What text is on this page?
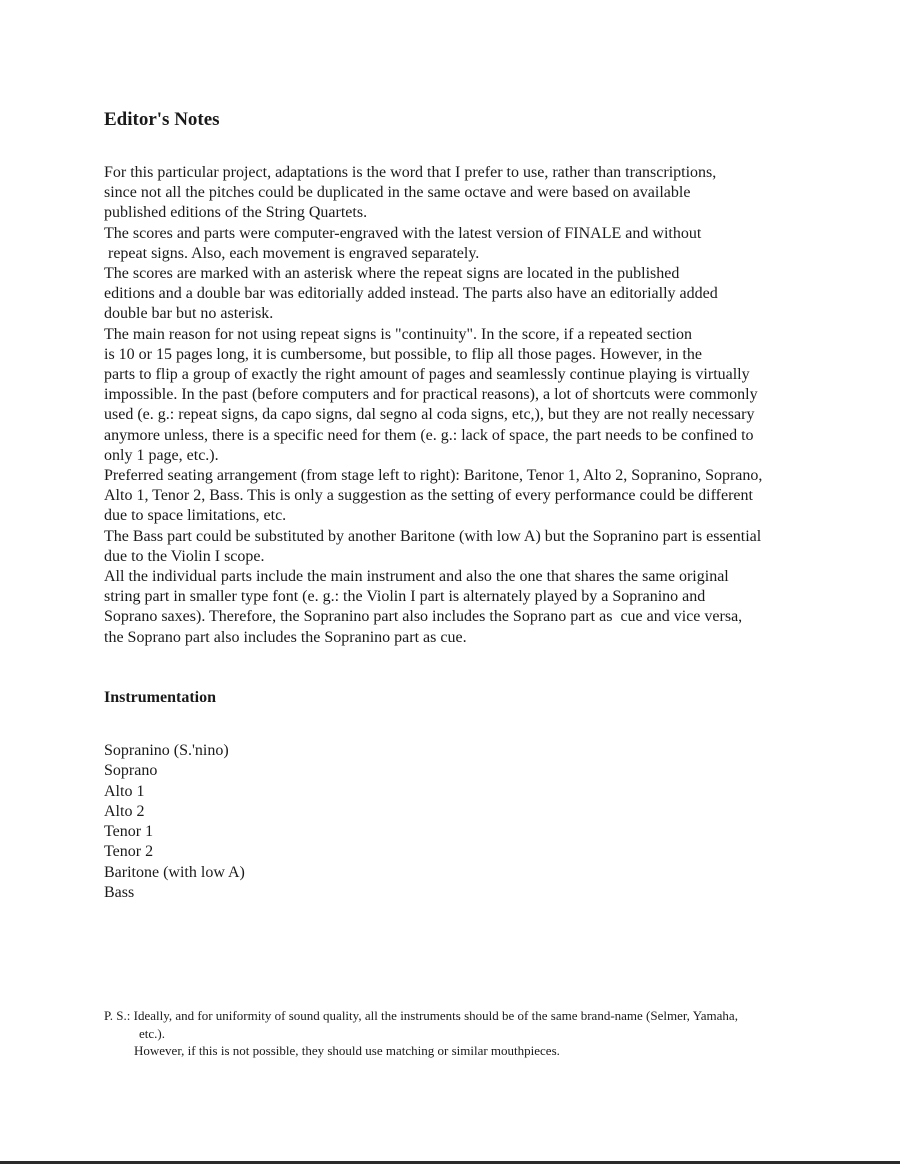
Editor's Notes
For this particular project, adaptations is the word that I prefer to use, rather than transcriptions,
since not all the pitches could be duplicated in the same octave and were based on available
published editions of the String Quartets.
The scores and parts were computer-engraved with the latest version of FINALE and without
repeat signs. Also, each movement is engraved separately.
The scores are marked with an asterisk where the repeat signs are located in the published
editions and a double bar was editorially added instead. The parts also have an editorially added
double bar but no asterisk.
The main reason for not using repeat signs is "continuity". In the score, if a repeated section
is 10 or 15 pages long, it is cumbersome, but possible, to flip all those pages. However, in the
parts to flip a group of exactly the right amount of pages and seamlessly continue playing is virtually
impossible. In the past (before computers and for practical reasons), a lot of shortcuts were commonly
used (e. g.: repeat signs, da capo signs, dal segno al coda signs, etc,), but they are not really necessary
anymore unless, there is a specific need for them (e. g.: lack of space, the part needs to be confined to
only 1 page, etc.).
Preferred seating arrangement (from stage left to right): Baritone, Tenor 1, Alto 2, Sopranino, Soprano,
Alto 1, Tenor 2, Bass. This is only a suggestion as the setting of every performance could be different
due to space limitations, etc.
The Bass part could be substituted by another Baritone (with low A) but the Sopranino part is essential
due to the Violin I scope.
All the individual parts include the main instrument and also the one that shares the same original
string part in smaller type font (e. g.: the Violin I part is alternately played by a Sopranino and
Soprano saxes). Therefore, the Sopranino part also includes the Soprano part as  cue and vice versa,
the Soprano part also includes the Sopranino part as cue.
Instrumentation
Sopranino (S.'nino)
Soprano
Alto 1
Alto 2
Tenor 1
Tenor 2
Baritone (with low A)
Bass
P. S.: Ideally, and for uniformity of sound quality, all the instruments should be of the same brand-name (Selmer, Yamaha,
etc.).
However, if this is not possible, they should use matching or similar mouthpieces.
